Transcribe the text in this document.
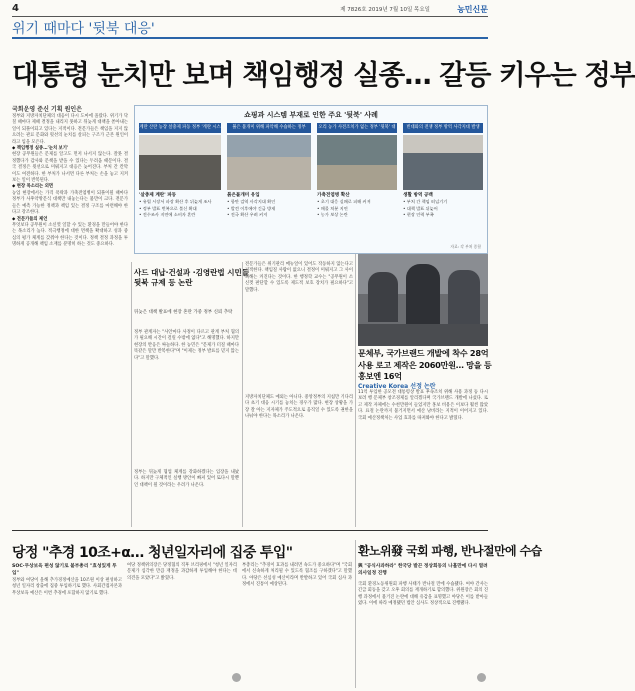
4	제 7826호 2019년 7월 10일 목요일	농민신문
위기 때마다 '뒷북 대응'
대통령 눈치만 보며 책임행정 실종… 갈등 키우는 정부
국회운영 준신 기획 원인은
정부와 지방자치단체의 대응이 다시 도마에 올랐다. 위기가 닥칠 때마다 제때 결정을 내리지 못하고 뒤늦게 대책을 쏟아내는 일이 되풀이되고 있다는 지적이다. 전문가들은 책임을 지지 않으려는 관료 문화와 윗선의 눈치를 살피는 구조가 근본 원인이라고 입을 모은다.
◆ 책임행정 실종…'눈치 보기'
현장 공무원들은 문제를 알고도 먼저 나서지 않는다. 잘못 결정했다가 감사와 문책을 받을 수 있다는 두려움 때문이다. 결국 결정은 윗선으로 미뤄지고 대응은 늦어진다. 부처 간 칸막이도 여전하다. 한 부처가 나서면 다른 부처는 손을 놓고 지켜보는 일이 반복된다.
◆ 현장 목소리는 외면
농업 현장에서는 가격 폭락과 가축전염병이 되풀이될 때마다 정부가 사후약방문식 대책만 내놓는다는 불만이 크다. 전문가들은 예측 가능한 정책과 책임 있는 결정 구조를 마련해야 한다고 강조한다.
◆ 전문가들의 제언
무엇보다 공무원이 소신껏 일할 수 있는 환경을 만들어야 한다는 목소리가 높다. 적극행정에 대한 면책을 확대하고 성과 중심의 평가 체계를 갖춰야 한다는 것이다. 정책 결정 과정을 투명하게 공개해 책임 소재를 분명히 하는 것도 중요하다.
쇼핑과 시스템 부재로 인한 주요 '뒷북' 사례
계란 산란 농장 살충제 파동 정부 '계란 시스	붉은 불개미 위해 파악해 수습하는 정부	오리 농가 사전조치가 없는 정부 '뒷북' 대	빈대와의 전쟁 정부 방역 사각지대 발생
'살충제 계란' 파동
• 유럽 시장서 파장 확산 후 뒤늦게 조사
• 정부 발표 번복으로 불신 확대
• 전수조사 지연에 소비자 혼란
붉은불개미 유입
• 항만 검역 사각지대 확인
• 발견 이후에야 긴급 방제
• 전국 확산 우려 커져
가축전염병 확산
• 초기 대응 실패로 피해 커져
• 매몰 처분 지연
• 농가 보상 논란
생활 방역 공백
• 부처 간 책임 떠넘기기
• 대책 발표 뒤늦어
• 현장 인력 부족
자료: 각 부처 종합
사드 대납·건설과 ·김영란법 시민들 뒷북 규제 등 논란
뒤늦은 대책 발표에 현장 혼란 가중 정부 신뢰 추락
정부 관계자는 "사안마다 사정이 다르고 관계 부처 협의가 필요해 시간이 걸릴 수밖에 없다"고 해명했다. 하지만 현장의 반응은 싸늘하다. 한 농민은 "문제가 터질 때마다 똑같은 말만 반복한다"며 "이제는 정부 발표를 믿지 않는다"고 말했다.
전문가들은 위기관리 매뉴얼이 있어도 작동하지 않는다고 지적한다. 책임질 사람이 없으니 결정이 미뤄지고 그 사이 피해는 커진다는 것이다. 한 행정학 교수는 "공무원이 소신껏 판단할 수 있도록 제도적 보호 장치가 필요하다"고 말했다.
지방자치단체도 예외는 아니다. 중앙정부의 지침만 기다리다 초기 대응 시기를 놓치는 경우가 많다. 현장 상황을 가장 잘 아는 지자체가 주도적으로 움직일 수 있도록 권한을 나눠야 한다는 목소리가 나온다.
정부는 뒤늦게 협업 체계를 강화하겠다는 입장을 내놨다. 하지만 구체적인 실행 방안이 빠져 있어 또다시 말뿐인 대책이 될 것이라는 우려가 나온다.
문체부, 국가브랜드 개발에 착수 28억 사용 로고 제작은 2060만원… 망을 등 홍보엔 16억
Creative Korea 선정 논란
11억 투입한 공모전 대통령상 발표 후속조치 위해 사용 과정 등 다시 보려 행 문체부 창조경제를 알리겠다며 국가브랜드 개발에 나섰다. 로고 제작 자체에는 수천만원이 들었지만 홍보 비용은 이보다 훨씬 많았다. 표절 논란까지 불거지면서 예산 낭비라는 지적이 이어지고 있다. 국회 예산정책처는 사업 효과를 따져봐야 한다고 밝혔다.
당정 "추경 10조+α… 청년일자리에 집중 투입"	환노위發 국회 파행, 반나절만에 수습
SOC·무상보육 편성 않기로 불부총리 "효성있게 투입"
與 "공식사과하라" 한국당 발끈 정상회동의 나흘만에 다시 열려 의사일정 진행
정부와 여당이 올해 추가경정예산을 10조원 이상 편성하고 청년 일자리 창출에 집중 투입하기로 했다. 사회간접자본과 무상보육 예산은 이번 추경에 포함하지 않기로 했다.
여당 정책위의장은 당정협의 직후 브리핑에서 "청년 일자리 문제가 심각한 만큼 재정을 과감하게 투입해야 한다는 데 의견을 모았다"고 밝혔다.
부총리는 "추경이 효과를 내려면 속도가 중요하다"며 "국회에서 신속하게 처리될 수 있도록 협조를 구하겠다"고 말했다. 야당은 선심성 예산이라며 반발하고 있어 국회 심사 과정에서 진통이 예상된다.	국회 환경노동위원회 파행 사태가 반나절 만에 수습됐다. 여야 간사는 긴급 회동을 갖고 오후 회의를 재개하기로 합의했다. 위원장은 회의 진행 과정에서 불거진 논란에 대해 유감을 표명했고 야당은 이를 받아들였다. 이에 따라 예정됐던 법안 심사도 정상적으로 진행됐다.
